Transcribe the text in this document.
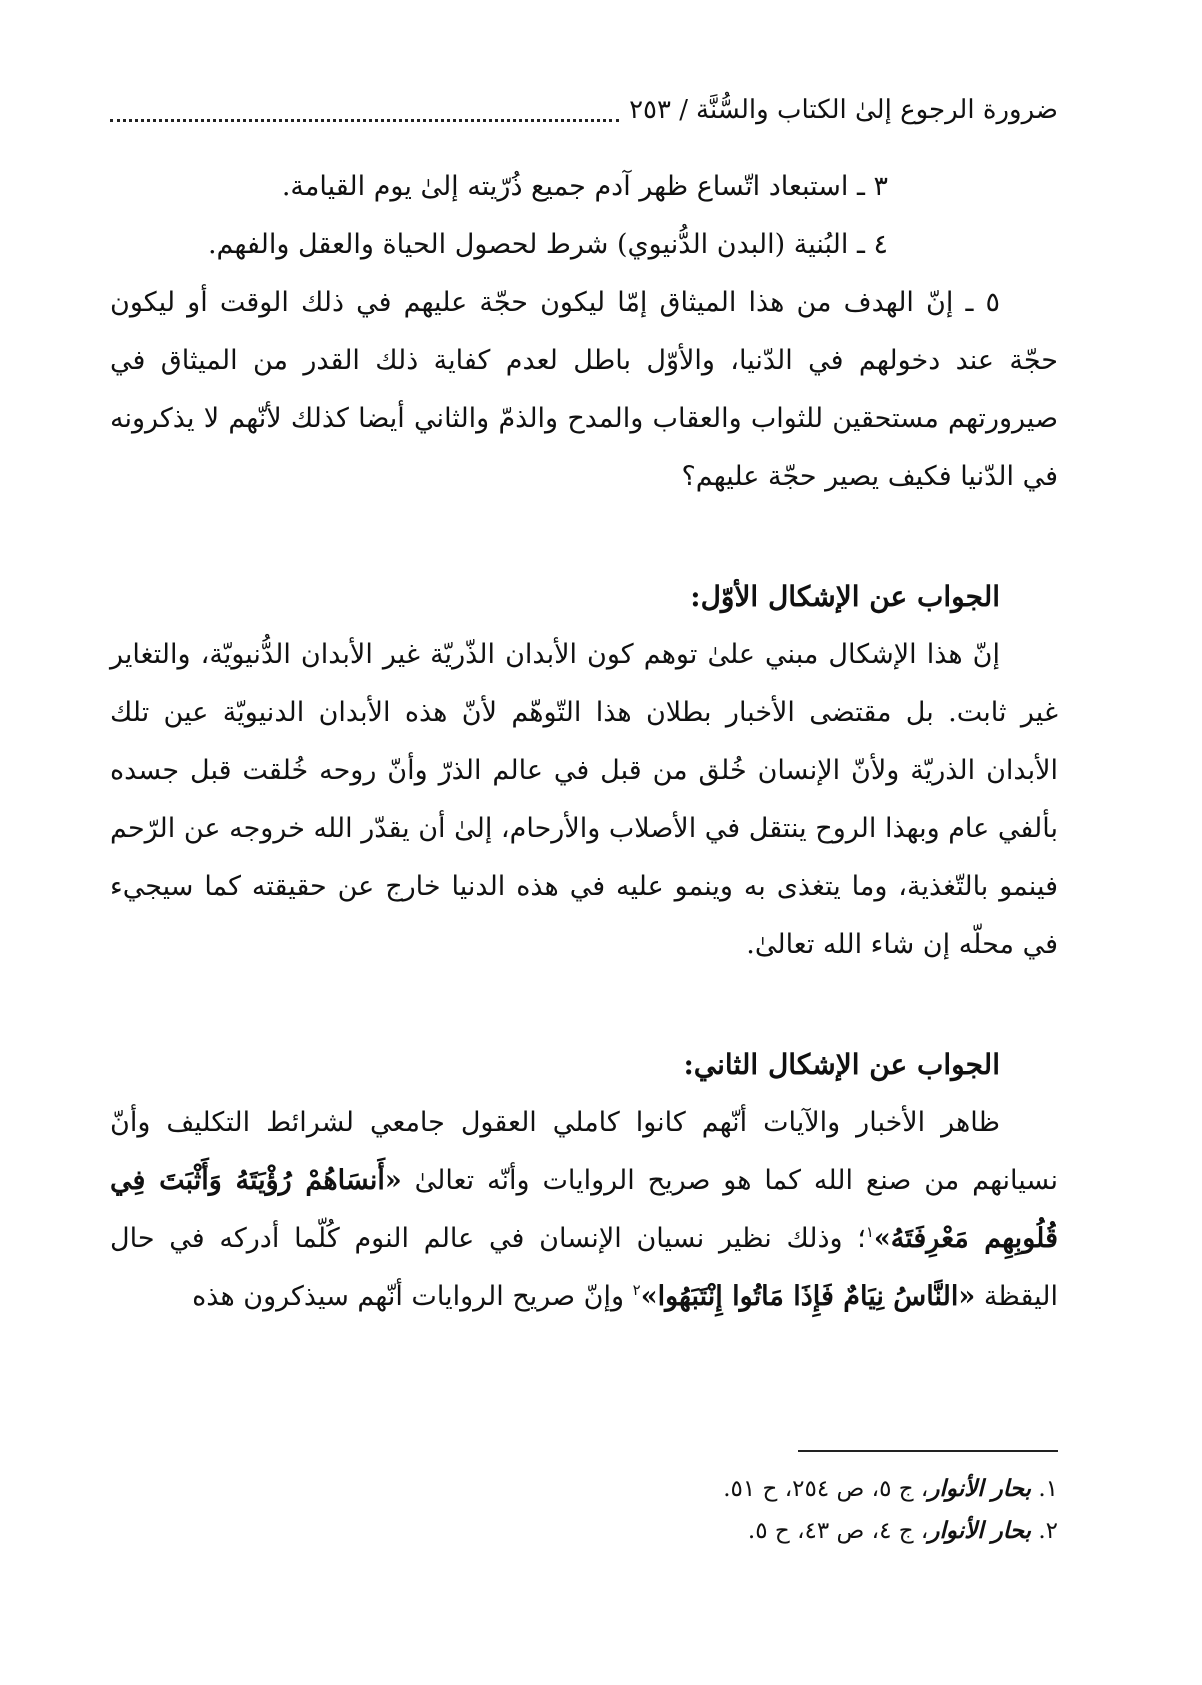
ضرورة الرجوع إلىٰ الكتاب والسُّنَّة
/ ٢٥٣

٣ ـ استبعاد اتّساع ظهر آدم جميع ذُرّيته إلىٰ يوم القيامة.

٤ ـ البُنية (البدن الدُّنيوي) شرط لحصول الحياة والعقل والفهم.

٥ ـ إنّ الهدف من هذا الميثاق إمّا ليكون حجّة عليهم في ذلك الوقت أو ليكون حجّة عند دخولهم في الدّنيا، والأوّل باطل لعدم كفاية ذلك القدر من الميثاق في صيرورتهم مستحقين للثواب والعقاب والمدح والذمّ والثاني أيضا كذلك لأنّهم لا يذكرونه في الدّنيا فكيف يصير حجّة عليهم؟

الجواب عن الإشكال الأوّل:

إنّ هذا الإشكال مبني علىٰ توهم كون الأبدان الذّريّة غير الأبدان الدُّنيويّة، والتغاير غير ثابت. بل مقتضى الأخبار بطلان هذا التّوهّم لأنّ هذه الأبدان الدنيويّة عين تلك الأبدان الذريّة ولأنّ الإنسان خُلق من قبل في عالم الذرّ وأنّ روحه خُلقت قبل جسده بألفي عام وبهذا الروح ينتقل في الأصلاب والأرحام، إلىٰ أن يقدّر الله خروجه عن الرّحم فينمو بالتّغذية، وما يتغذى به وينمو عليه في هذه الدنيا خارج عن حقيقته كما سيجيء في محلّه إن شاء الله تعالىٰ.

الجواب عن الإشكال الثاني:

ظاهر الأخبار والآيات أنّهم كانوا كاملي العقول جامعي لشرائط التكليف وأنّ نسيانهم من صنع الله كما هو صريح الروايات وأنّه تعالىٰ «أَنسَاهُمْ رُؤْيَتَهُ وَأَثْبَتَ فِي قُلُوبِهِم مَعْرِفَتَهُ»$^١$؛ وذلك نظير نسيان الإنسان في عالم النوم كُلّما أدركه في حال اليقظة «النَّاسُ نِيَامٌ فَإِذَا مَاتُوا إِنْتَبَهُوا»$^٢$ وإنّ صريح الروايات أنّهم سيذكرون هذه

١. بحار الأنوار، ج ٥، ص ٢٥٤، ح ٥١.

٢. بحار الأنوار، ج ٤، ص ٤٣، ح ٥.
